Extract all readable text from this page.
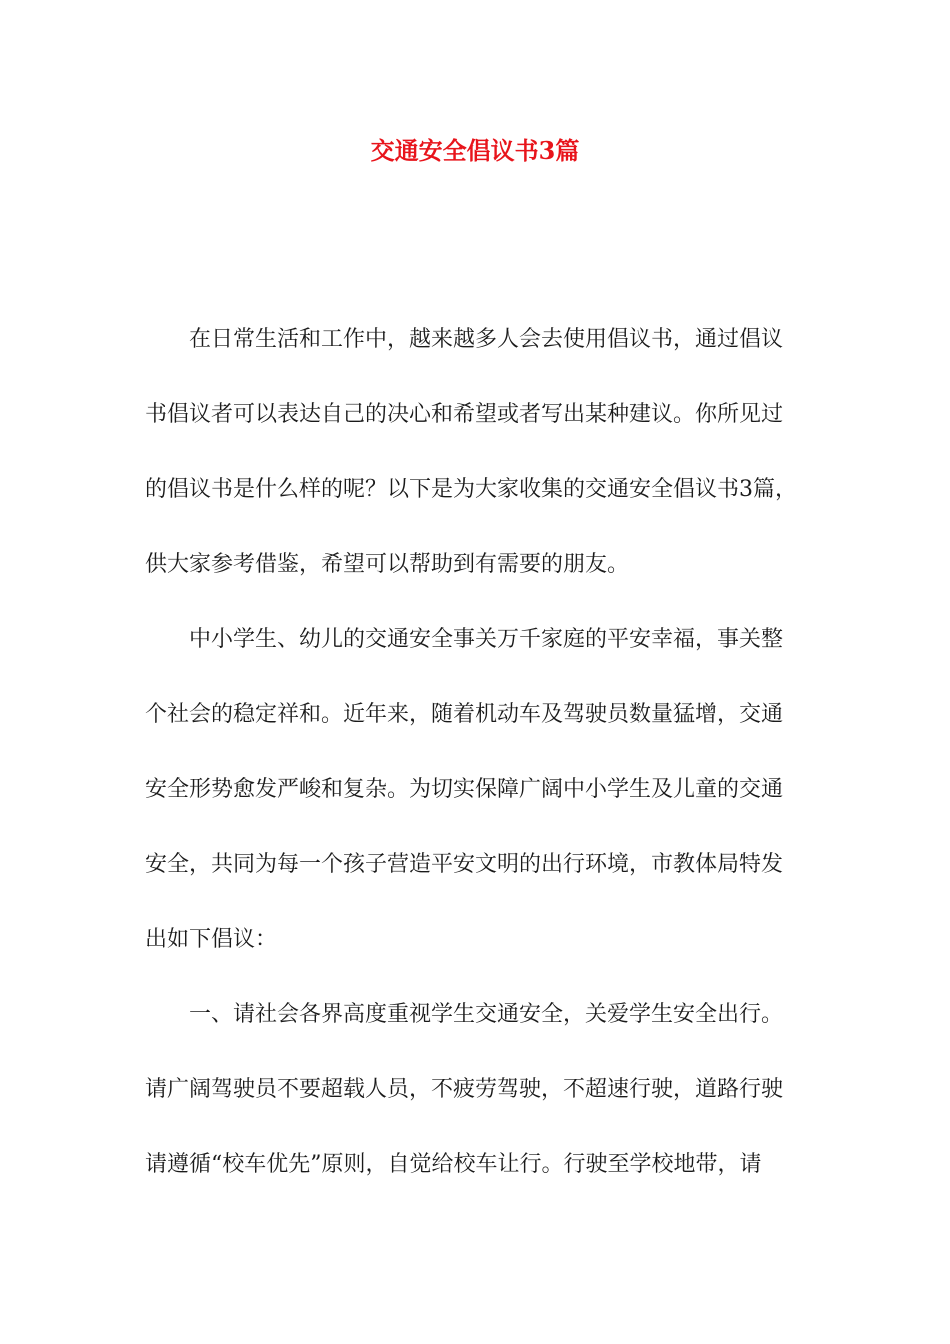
交通安全倡议书3篇

在日常生活和工作中，越来越多人会去使用倡议书，通过倡议

书倡议者可以表达自己的决心和希望或者写出某种建议。你所见过

的倡议书是什么样的呢？以下是为大家收集的交通安全倡议书3篇，

供大家参考借鉴，希望可以帮助到有需要的朋友。

中小学生、幼儿的交通安全事关万千家庭的平安幸福，事关整

个社会的稳定祥和。近年来，随着机动车及驾驶员数量猛增，交通

安全形势愈发严峻和复杂。为切实保障广阔中小学生及儿童的交通

安全，共同为每一个孩子营造平安文明的出行环境，市教体局特发

出如下倡议：

一、请社会各界高度重视学生交通安全，关爱学生安全出行。

请广阔驾驶员不要超载人员，不疲劳驾驶，不超速行驶，道路行驶

请遵循“校车优先”原则，自觉给校车让行。行驶至学校地带，请
